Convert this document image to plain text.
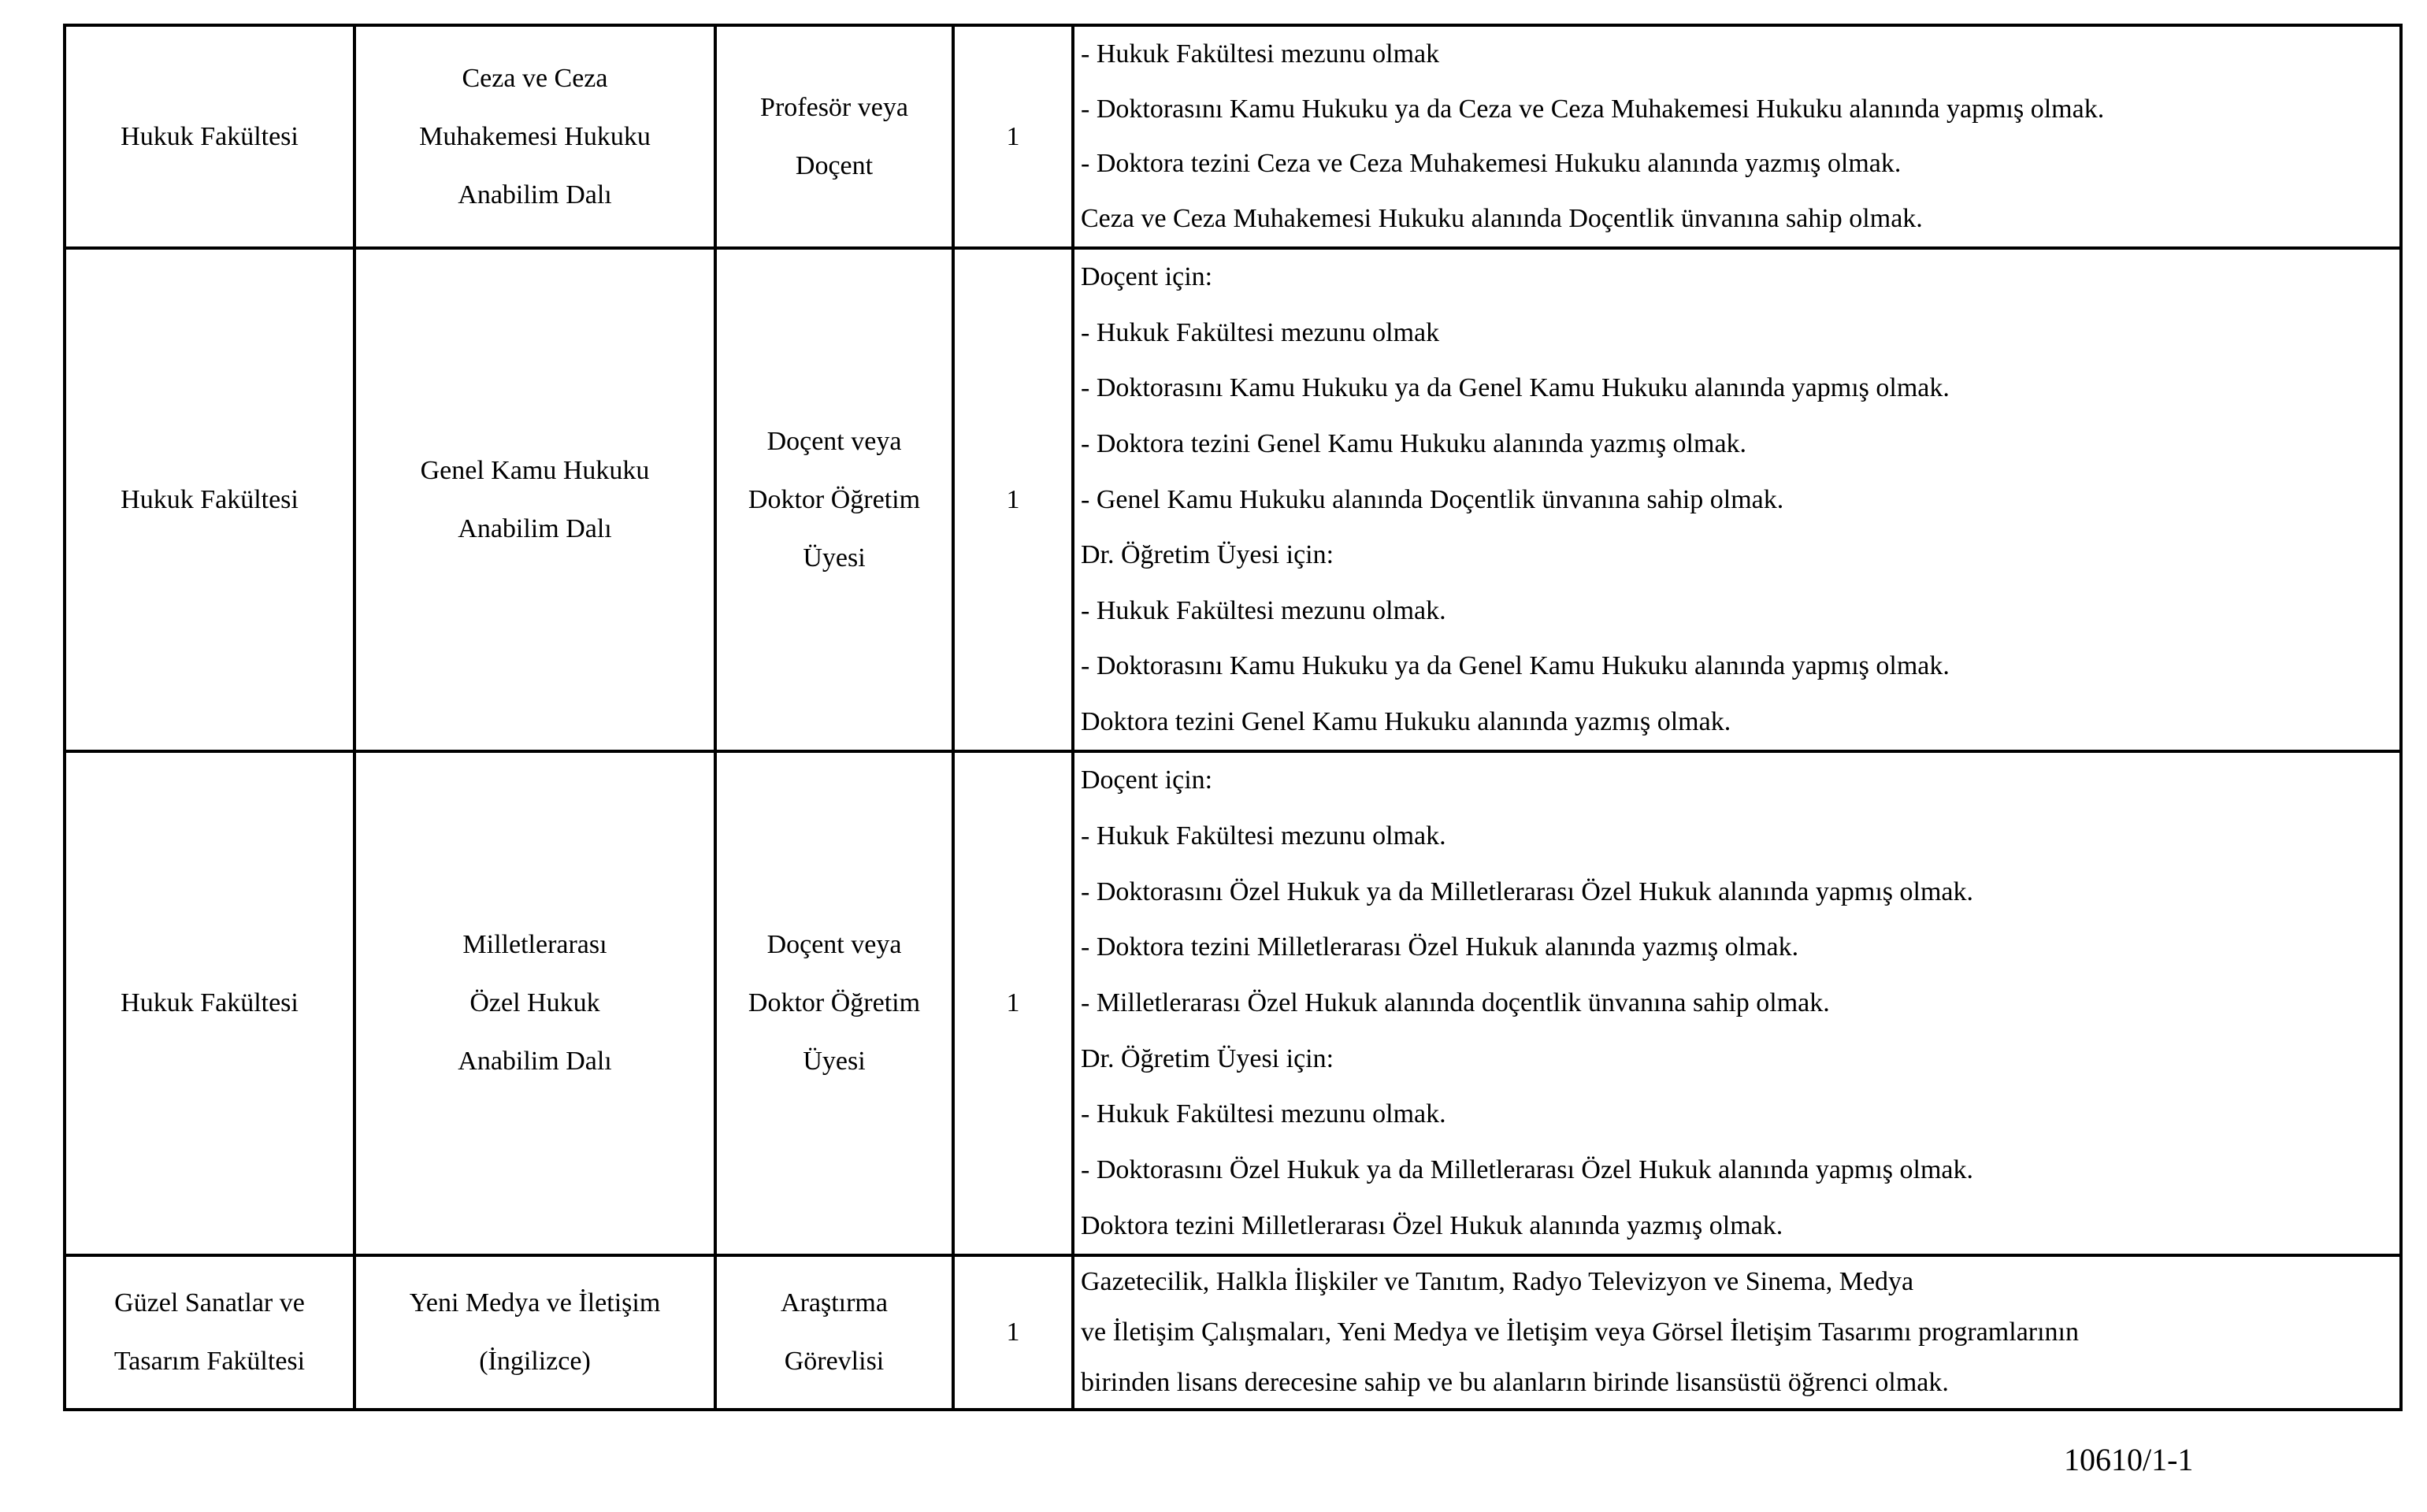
Hukuk Fakültesi
Ceza ve Ceza
Muhakemesi Hukuku
Anabilim Dalı
Profesör veya
Doçent
1
- Hukuk Fakültesi mezunu olmak
- Doktorasını Kamu Hukuku ya da Ceza ve Ceza Muhakemesi Hukuku alanında yapmış olmak.
- Doktora tezini Ceza ve Ceza Muhakemesi Hukuku alanında yazmış olmak.
Ceza ve Ceza Muhakemesi Hukuku alanında Doçentlik ünvanına sahip olmak.
Hukuk Fakültesi
Genel Kamu Hukuku
Anabilim Dalı
Doçent veya
Doktor Öğretim
Üyesi
1
Doçent için:
- Hukuk Fakültesi mezunu olmak
- Doktorasını Kamu Hukuku ya da Genel Kamu Hukuku alanında yapmış olmak.
- Doktora tezini Genel Kamu Hukuku alanında yazmış olmak.
- Genel Kamu Hukuku alanında Doçentlik ünvanına sahip olmak.
Dr. Öğretim Üyesi için:
- Hukuk Fakültesi mezunu olmak.
- Doktorasını Kamu Hukuku ya da Genel Kamu Hukuku alanında yapmış olmak.
Doktora tezini Genel Kamu Hukuku alanında yazmış olmak.
Hukuk Fakültesi
Milletlerarası
Özel Hukuk
Anabilim Dalı
Doçent veya
Doktor Öğretim
Üyesi
1
Doçent için:
- Hukuk Fakültesi mezunu olmak.
- Doktorasını Özel Hukuk ya da Milletlerarası Özel Hukuk alanında yapmış olmak.
- Doktora tezini Milletlerarası Özel Hukuk alanında yazmış olmak.
- Milletlerarası Özel Hukuk alanında doçentlik ünvanına sahip olmak.
Dr. Öğretim Üyesi için:
- Hukuk Fakültesi mezunu olmak.
- Doktorasını Özel Hukuk ya da Milletlerarası Özel Hukuk alanında yapmış olmak.
Doktora tezini Milletlerarası Özel Hukuk alanında yazmış olmak.
Güzel Sanatlar ve
Tasarım Fakültesi
Yeni Medya ve İletişim
(İngilizce)
Araştırma
Görevlisi
1
Gazetecilik, Halkla İlişkiler ve Tanıtım, Radyo Televizyon ve Sinema, Medya
ve İletişim Çalışmaları, Yeni Medya ve İletişim veya Görsel İletişim Tasarımı programlarının
birinden lisans derecesine sahip ve bu alanların birinde lisansüstü öğrenci olmak.
10610/1-1
